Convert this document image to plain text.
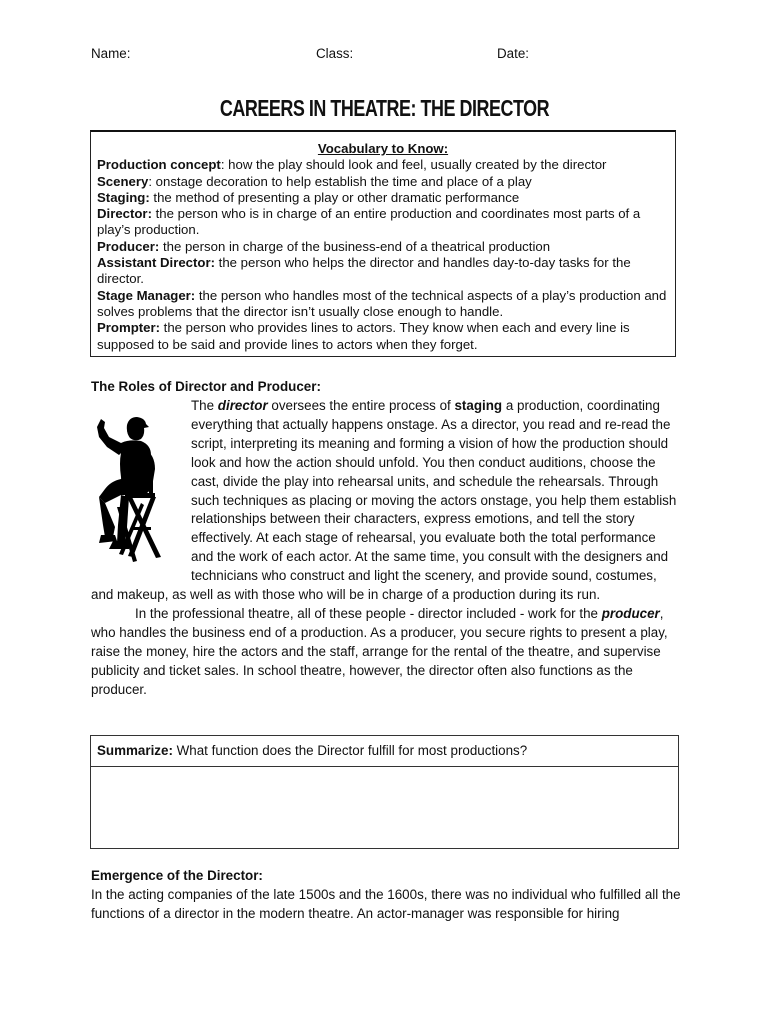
Name:	Class:	Date:
CAREERS IN THEATRE: THE DIRECTOR
Vocabulary to Know:
Production concept: how the play should look and feel, usually created by the director
Scenery: onstage decoration to help establish the time and place of a play
Staging: the method of presenting a play or other dramatic performance
Director: the person who is in charge of an entire production and coordinates most parts of a play’s production.
Producer: the person in charge of the business-end of a theatrical production
Assistant Director: the person who helps the director and handles day-to-day tasks for the director.
Stage Manager: the person who handles most of the technical aspects of a play’s production and solves problems that the director isn’t usually close enough to handle.
Prompter: the person who provides lines to actors. They know when each and every line is supposed to be said and provide lines to actors when they forget.
The Roles of Director and Producer:
The director oversees the entire process of staging a production, coordinating everything that actually happens onstage. As a director, you read and re-read the script, interpreting its meaning and forming a vision of how the production should look and how the action should unfold. You then conduct auditions, choose the cast, divide the play into rehearsal units, and schedule the rehearsals. Through such techniques as placing or moving the actors onstage, you help them establish relationships between their characters, express emotions, and tell the story effectively. At each stage of rehearsal, you evaluate both the total performance and the work of each actor. At the same time, you consult with the designers and technicians who construct and light the scenery, and provide sound, costumes, and makeup, as well as with those who will be in charge of a production during its run.

In the professional theatre, all of these people - director included - work for the producer, who handles the business end of a production. As a producer, you secure rights to present a play, raise the money, hire the actors and the staff, arrange for the rental of the theatre, and supervise publicity and ticket sales. In school theatre, however, the director often also functions as the producer.

Summarize: What function does the Director fulfill for most productions?
Emergence of the Director:
In the acting companies of the late 1500s and the 1600s, there was no individual who fulfilled all the functions of a director in the modern theatre. An actor-manager was responsible for hiring
